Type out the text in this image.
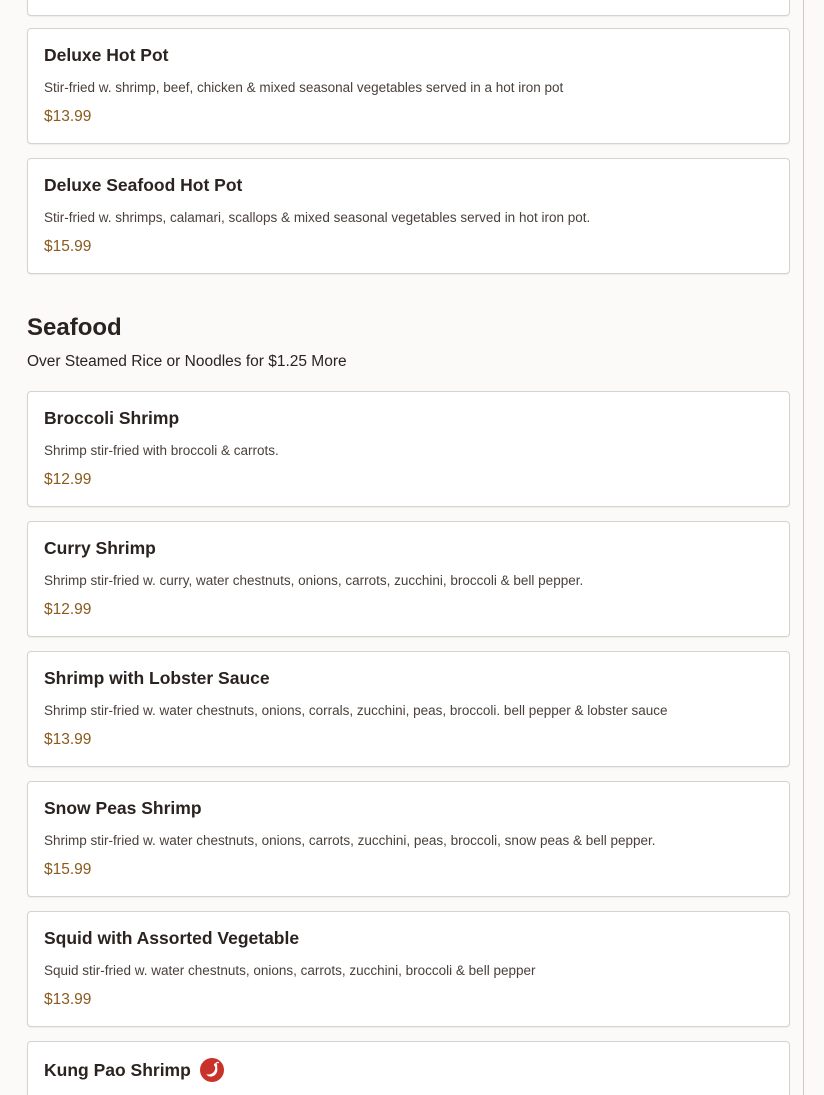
Deluxe Hot Pot
Stir-fried w. shrimp, beef, chicken & mixed seasonal vegetables served in a hot iron pot
$13.99
Deluxe Seafood Hot Pot
Stir-fried w. shrimps, calamari, scallops & mixed seasonal vegetables served in hot iron pot.
$15.99
Seafood
Over Steamed Rice or Noodles for $1.25 More
Broccoli Shrimp
Shrimp stir-fried with broccoli & carrots.
$12.99
Curry Shrimp
Shrimp stir-fried w. curry, water chestnuts, onions, carrots, zucchini, broccoli & bell pepper.
$12.99
Shrimp with Lobster Sauce
Shrimp stir-fried w. water chestnuts, onions, corrals, zucchini, peas, broccoli. bell pepper & lobster sauce
$13.99
Snow Peas Shrimp
Shrimp stir-fried w. water chestnuts, onions, carrots, zucchini, peas, broccoli, snow peas & bell pepper.
$15.99
Squid with Assorted Vegetable
Squid stir-fried w. water chestnuts, onions, carrots, zucchini, broccoli & bell pepper
$13.99
Kung Pao Shrimp
